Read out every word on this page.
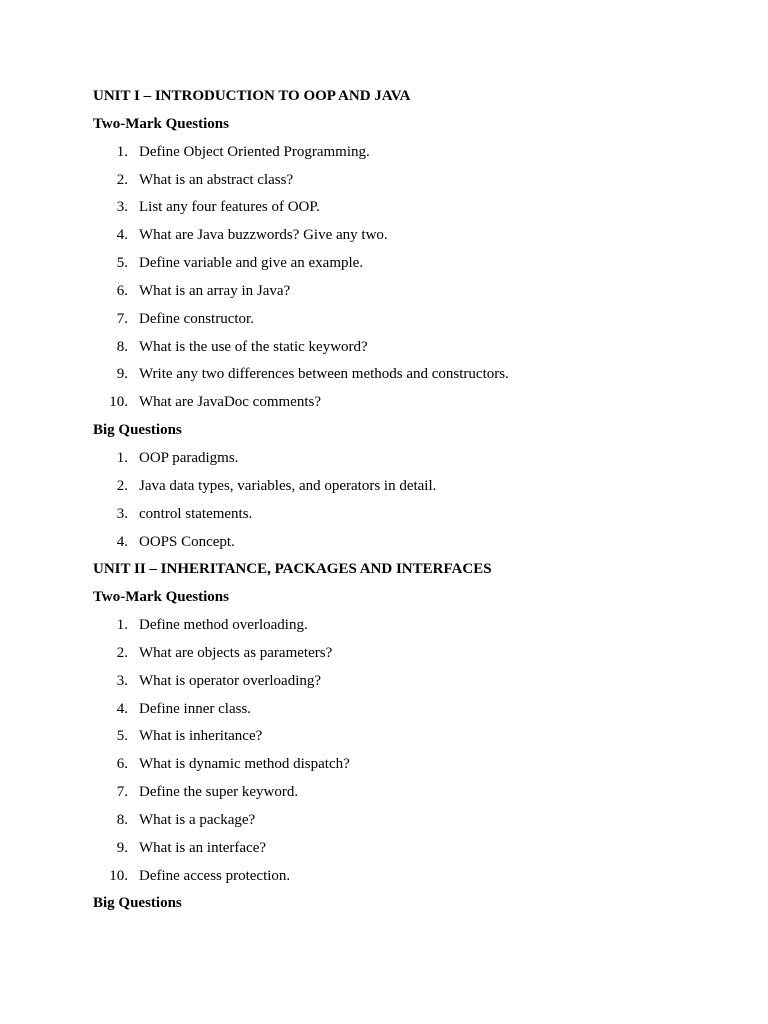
UNIT I – INTRODUCTION TO OOP AND JAVA
Two-Mark Questions
1. Define Object Oriented Programming.
2. What is an abstract class?
3. List any four features of OOP.
4. What are Java buzzwords? Give any two.
5. Define variable and give an example.
6. What is an array in Java?
7. Define constructor.
8. What is the use of the static keyword?
9. Write any two differences between methods and constructors.
10. What are JavaDoc comments?
Big Questions
1. OOP paradigms.
2. Java data types, variables, and operators in detail.
3. control statements.
4. OOPS Concept.
UNIT II – INHERITANCE, PACKAGES AND INTERFACES
Two-Mark Questions
1. Define method overloading.
2. What are objects as parameters?
3. What is operator overloading?
4. Define inner class.
5. What is inheritance?
6. What is dynamic method dispatch?
7. Define the super keyword.
8. What is a package?
9. What is an interface?
10. Define access protection.
Big Questions
